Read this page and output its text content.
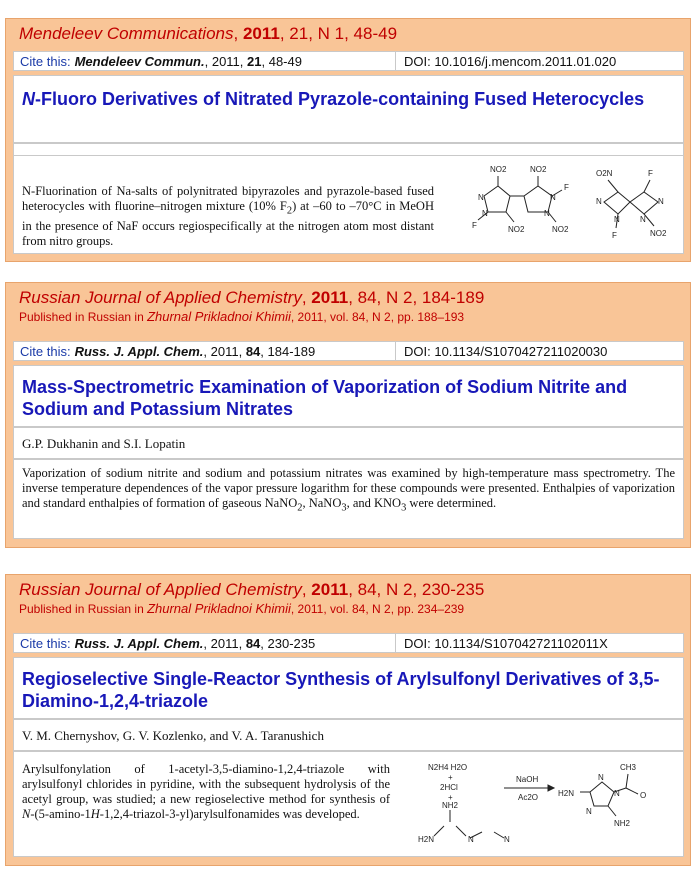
Mendeleev Communications, 2011, 21, N 1, 48-49
Cite this: Mendeleev Commun., 2011, 21, 48-49	DOI: 10.1016/j.mencom.2011.01.020
N-Fluoro Derivatives of Nitrated Pyrazole-containing Fused Heterocycles
N-Fluorination of Na-salts of polynitrated bipyrazoles and pyrazole-based fused heterocycles with fluorine–nitrogen mixture (10% $F_2$) at –60 to –70°C in MeOH in the presence of NaF occurs regiospecifically at the nitrogen atom most distant from nitro groups.
NO2	NO2
N
N
N
N
F
F
NO2	NO2
O2N	F
N
N
N
N
F	NO2
Russian Journal of Applied Chemistry, 2011, 84, N 2, 184-189
Published in Russian in Zhurnal Prikladnoi Khimii, 2011, vol. 84, N 2, pp. 188–193
Cite this: Russ. J. Appl. Chem., 2011, 84, 184-189	DOI: 10.1134/S1070427211020030
Mass-Spectrometric Examination of Vaporization of Sodium Nitrite and Sodium and Potassium Nitrates
G.P. Dukhanin and S.I. Lopatin
Vaporization of sodium nitrite and sodium and potassium nitrates was examined by high-temperature mass spectrometry. The inverse temperature dependences of the vapor pressure logarithm for these compounds were presented. Enthalpies of vaporization and standard enthalpies of formation of gaseous NaNO$_2$, NaNO$_3$, and $KNO_3$ were determined.
Russian Journal of Applied Chemistry, 2011, 84, N 2, 230-235
Published in Russian in Zhurnal Prikladnoi Khimii, 2011, vol. 84, N 2, pp. 234–239
Cite this: Russ. J. Appl. Chem., 2011, 84, 230-235	DOI: 10.1134/S107042721102011X
Regioselective Single-Reactor Synthesis of Arylsulfonyl Derivatives of 3,5-Diamino-1,2,4-triazole
V. M. Chernyshov, G. V. Kozlenko, and V. A. Taranushich
Arylsulfonylation of 1-acetyl-3,5-diamino-1,2,4-triazole with arylsulfonyl chlorides in pyridine, with the subsequent hydrolysis of the acetyl group, was studied; a new regioselective method for synthesis of N-(5-amino-1H-1,2,4-triazol-3-yl)arylsulfonamides was developed.
N2H4 H2O
+
2HCl
+
NH2
H2N	N	N
NaOH
Ac2O
CH3
O
H2N
N
N
N
NH2
